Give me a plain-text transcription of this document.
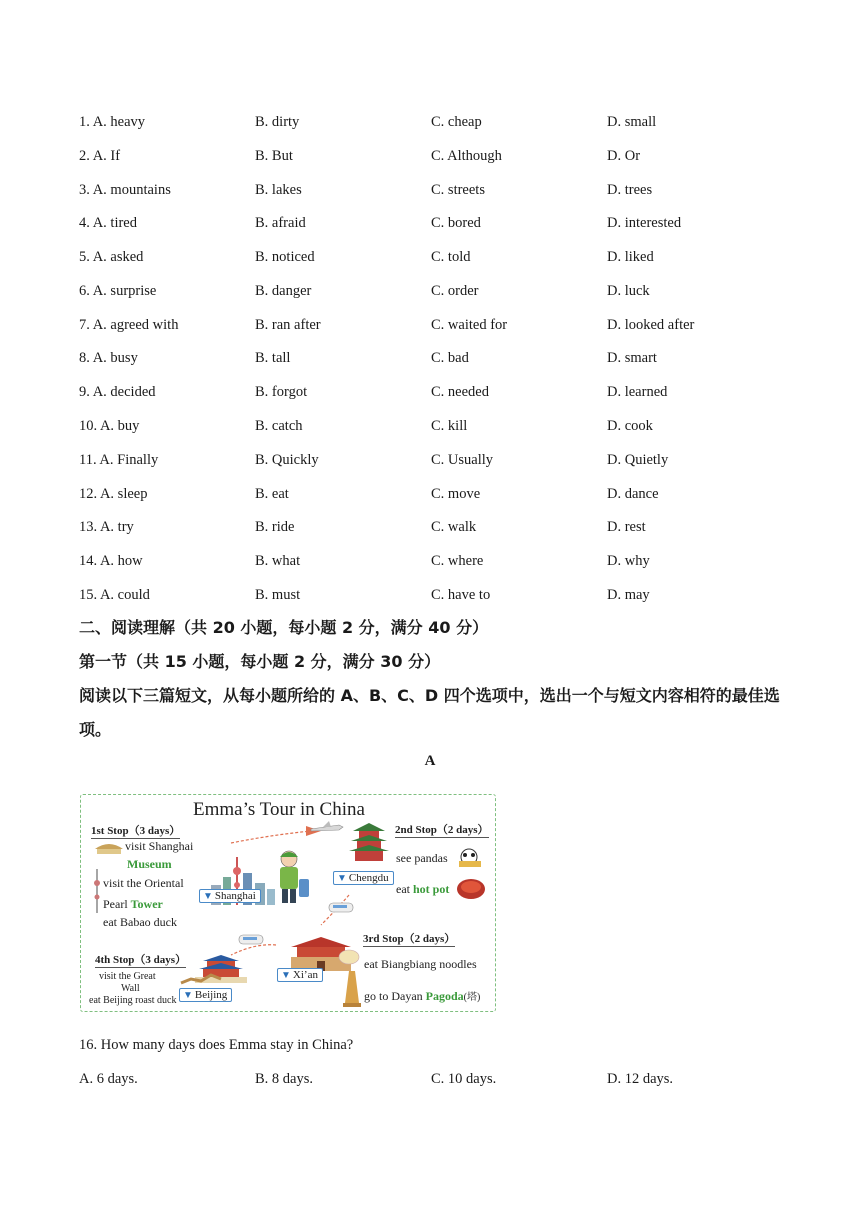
1. A. heavy	B. dirty	C. cheap	D. small
2. A. If	B. But	C. Although	D. Or
3. A. mountains	B. lakes	C. streets	D. trees
4. A. tired	B. afraid	C. bored	D. interested
5. A. asked	B. noticed	C. told	D. liked
6. A. surprise	B. danger	C. order	D. luck
7. A. agreed with	B. ran after	C. waited for	D. looked after
8. A. busy	B. tall	C. bad	D. smart
9. A. decided	B. forgot	C. needed	D. learned
10. A. buy	B. catch	C. kill	D. cook
11. A. Finally	B. Quickly	C. Usually	D. Quietly
12. A. sleep	B. eat	C. move	D. dance
13. A. try	B. ride	C. walk	D. rest
14. A. how	B. what	C. where	D. why
15. A. could	B. must	C. have to	D. may
二、阅读理解（共 20 小题，每小题 2 分，满分 40 分）
第一节（共 15 小题，每小题 2 分，满分 30 分）
阅读以下三篇短文，从每小题所给的 A、B、C、D 四个选项中，选出一个与短文内容相符的最佳选项。
A
Emma’s Tour in China
1st Stop（3 days）
visit Shanghai
Museum
visit the Oriental
Pearl Tower
eat Babao duck
▼ Shanghai
2nd Stop（2 days）
see pandas
eat hot pot
▼ Chengdu
3rd Stop（2 days）
eat Biangbiang noodles
go to Dayan Pagoda(塔)
▼ Xi’an
4th Stop（3 days）
visit the Great
Wall
eat Beijing roast duck ▼ Beijing
16. How many days does Emma stay in China?
A. 6 days.	B. 8 days.	C. 10 days.	D. 12 days.
